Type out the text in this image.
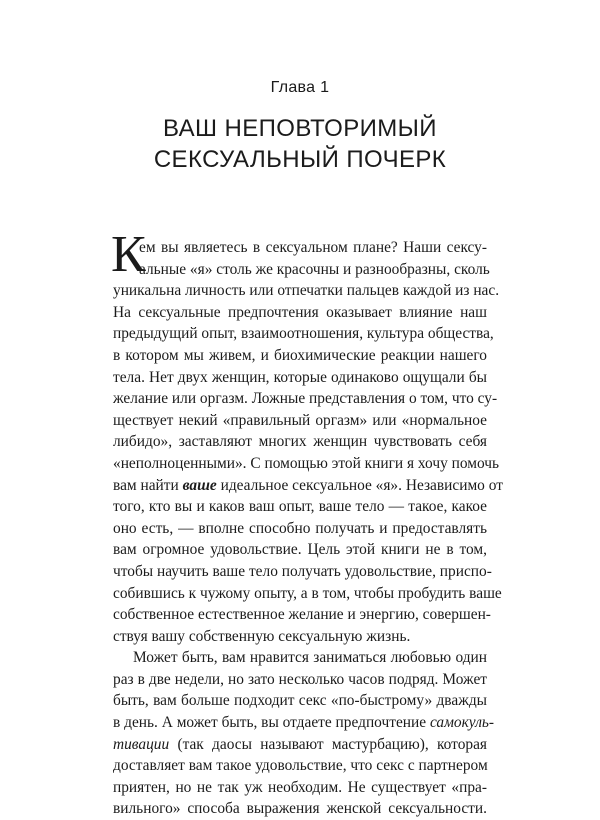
Глава 1
ВАШ НЕПОВТОРИМЫЙ
СЕКСУАЛЬНЫЙ ПОЧЕРК
К
ем вы являетесь в сексуальном плане? Наши сексу-
альные «я» столь же красочны и разнообразны, сколь
уникальна личность или отпечатки пальцев каждой из нас.
На сексуальные предпочтения оказывает влияние наш
предыдущий опыт, взаимоотношения, культура общества,
в котором мы живем, и биохимические реакции нашего
тела. Нет двух женщин, которые одинаково ощущали бы
желание или оргазм. Ложные представления о том, что су-
ществует некий «правильный оргазм» или «нормальное
либидо», заставляют многих женщин чувствовать себя
«неполноценными». С помощью этой книги я хочу помочь
вам найти ваше идеальное сексуальное «я». Независимо от
того, кто вы и каков ваш опыт, ваше тело — такое, какое
оно есть, — вполне способно получать и предоставлять
вам огромное удовольствие. Цель этой книги не в том,
чтобы научить ваше тело получать удовольствие, приспо-
собившись к чужому опыту, а в том, чтобы пробудить ваше
собственное естественное желание и энергию, совершен-
ствуя вашу собственную сексуальную жизнь.
Может быть, вам нравится заниматься любовью один
раз в две недели, но зато несколько часов подряд. Может
быть, вам больше подходит секс «по-быстрому» дважды
в день. А может быть, вы отдаете предпочтение самокуль-
тивации (так даосы называют мастурбацию), которая
доставляет вам такое удовольствие, что секс с партнером
приятен, но не так уж необходим. Не существует «пра-
вильного» способа выражения женской сексуальности.
